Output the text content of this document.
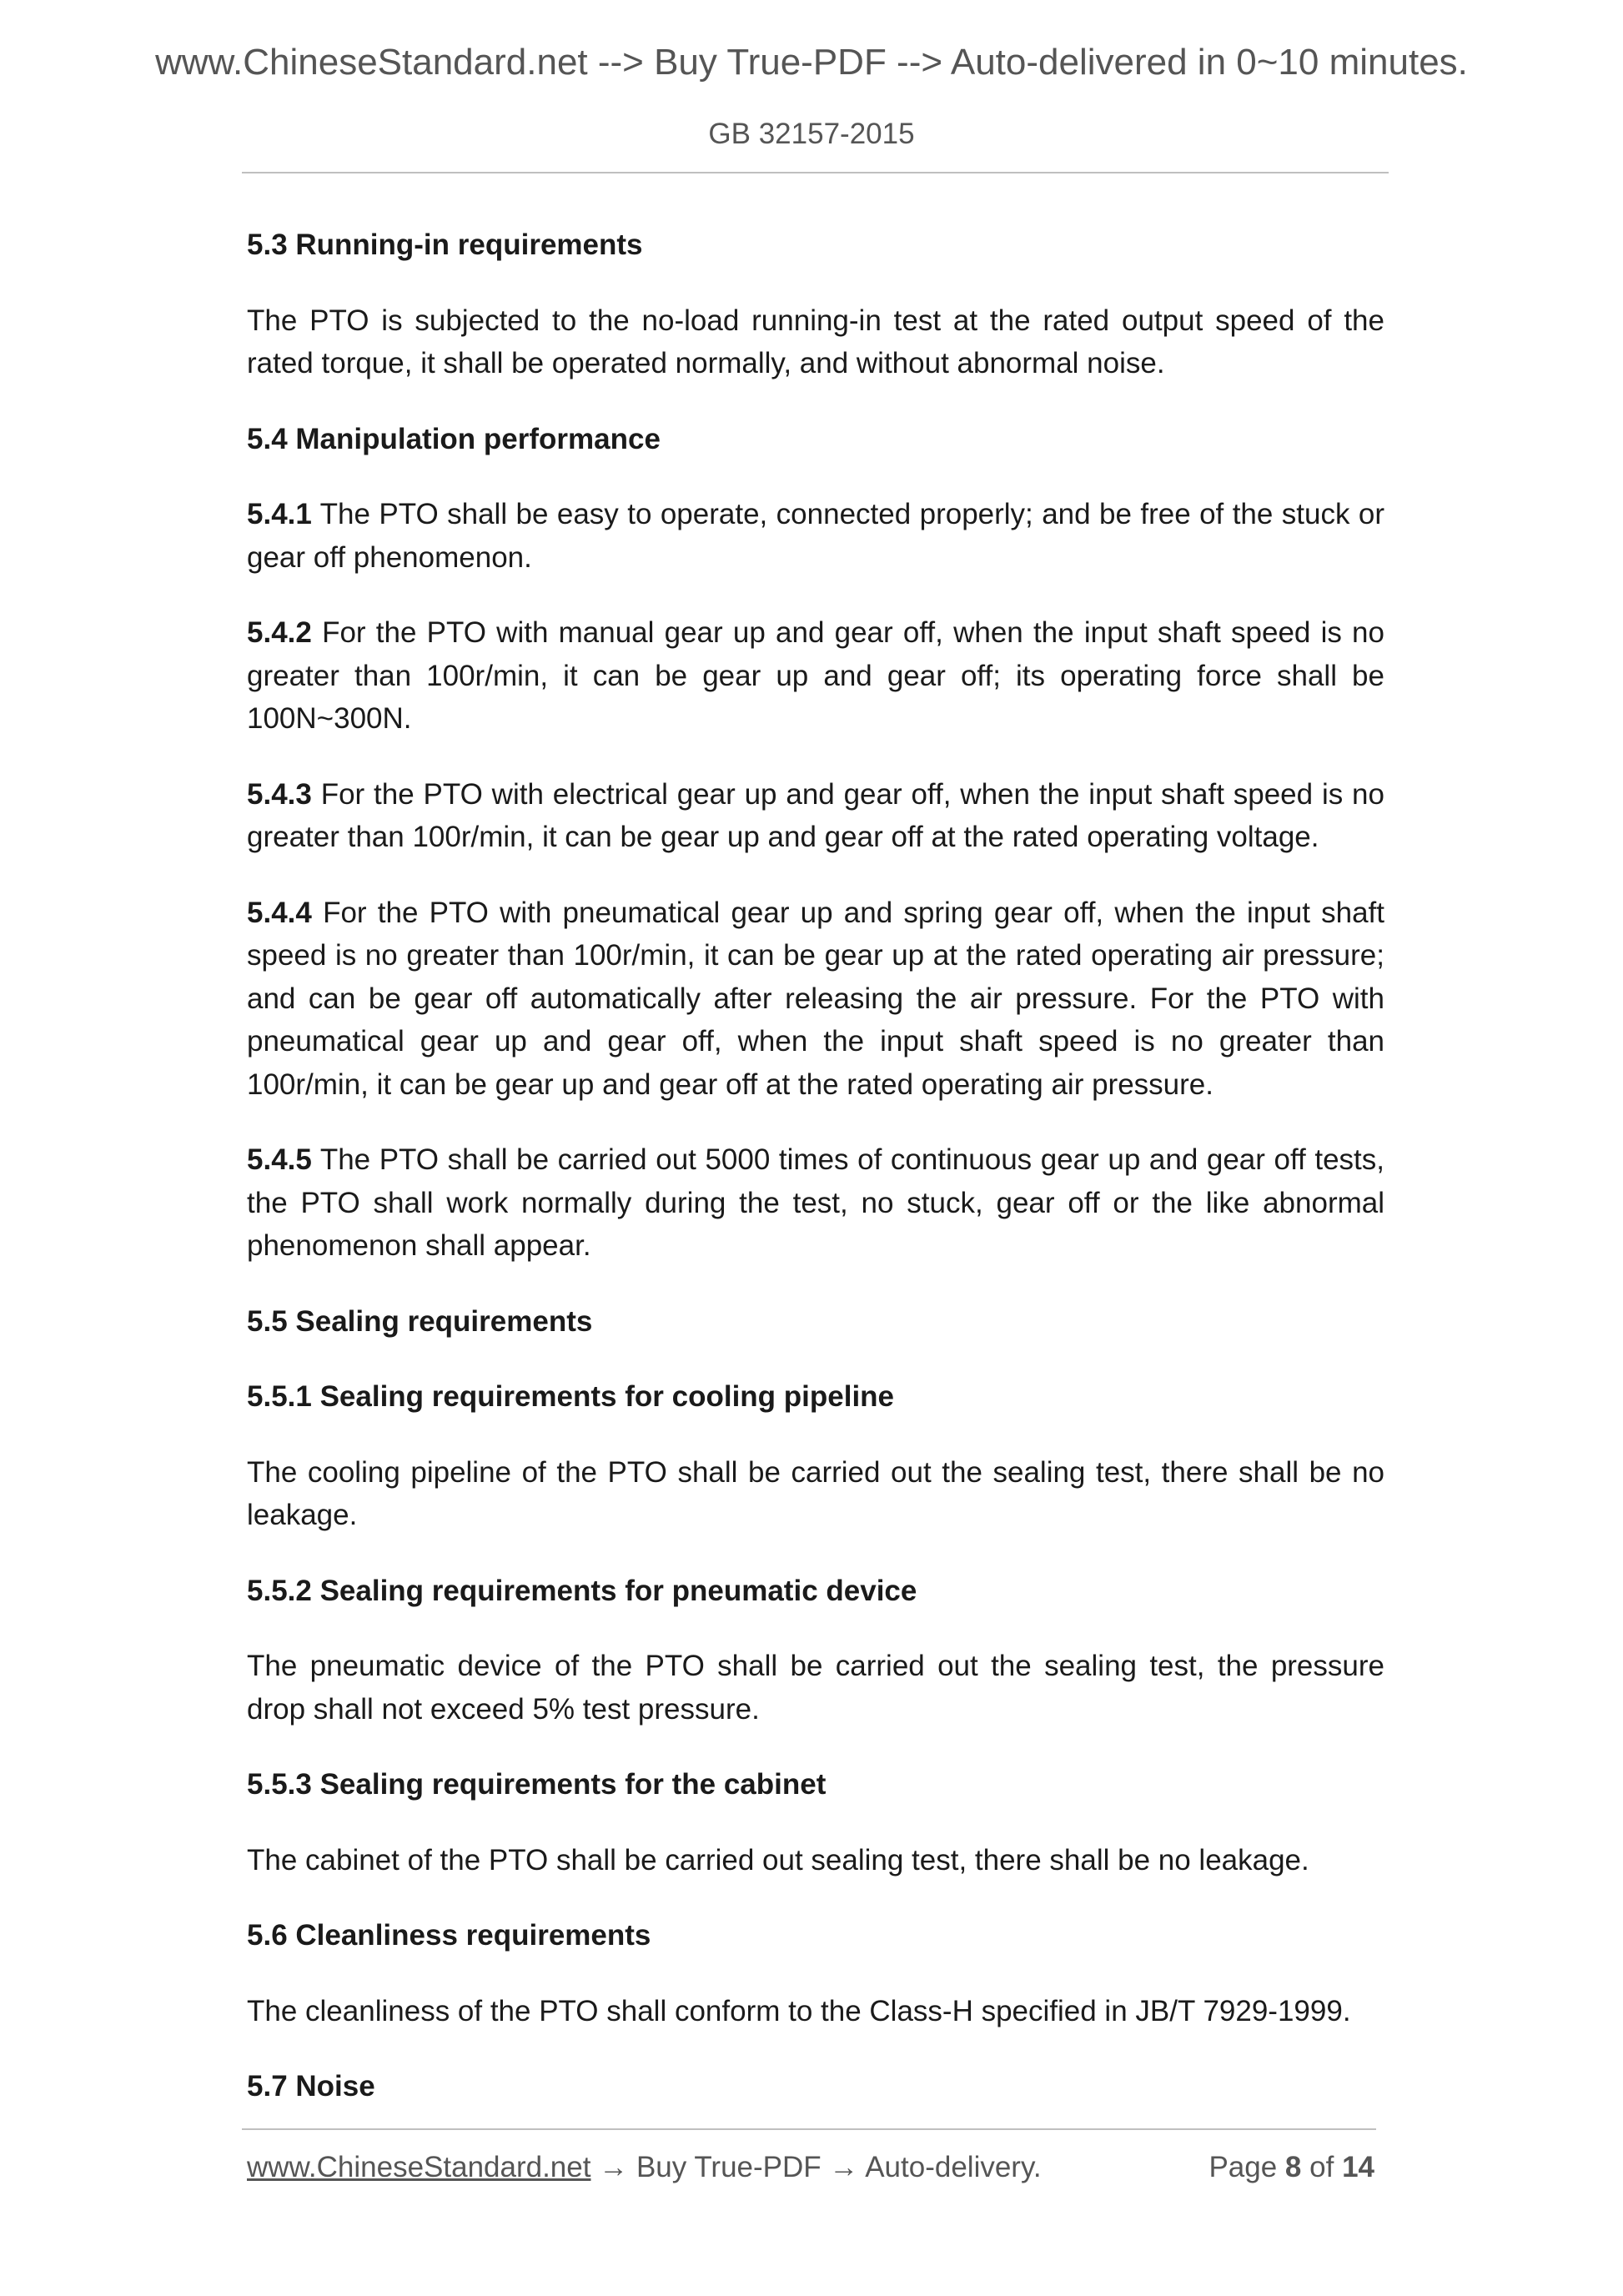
www.ChineseStandard.net --> Buy True-PDF --> Auto-delivered in 0~10 minutes.
GB 32157-2015

5.3 Running-in requirements

The PTO is subjected to the no-load running-in test at the rated output speed of the rated torque, it shall be operated normally, and without abnormal noise.

5.4 Manipulation performance

5.4.1 The PTO shall be easy to operate, connected properly; and be free of the stuck or gear off phenomenon.

5.4.2 For the PTO with manual gear up and gear off, when the input shaft speed is no greater than 100r/min, it can be gear up and gear off; its operating force shall be 100N~300N.

5.4.3 For the PTO with electrical gear up and gear off, when the input shaft speed is no greater than 100r/min, it can be gear up and gear off at the rated operating voltage.

5.4.4 For the PTO with pneumatical gear up and spring gear off, when the input shaft speed is no greater than 100r/min, it can be gear up at the rated operating air pressure; and can be gear off automatically after releasing the air pressure. For the PTO with pneumatical gear up and gear off, when the input shaft speed is no greater than 100r/min, it can be gear up and gear off at the rated operating air pressure.

5.4.5 The PTO shall be carried out 5000 times of continuous gear up and gear off tests, the PTO shall work normally during the test, no stuck, gear off or the like abnormal phenomenon shall appear.

5.5 Sealing requirements

5.5.1 Sealing requirements for cooling pipeline

The cooling pipeline of the PTO shall be carried out the sealing test, there shall be no leakage.

5.5.2 Sealing requirements for pneumatic device

The pneumatic device of the PTO shall be carried out the sealing test, the pressure drop shall not exceed 5% test pressure.

5.5.3 Sealing requirements for the cabinet

The cabinet of the PTO shall be carried out sealing test, there shall be no leakage.

5.6 Cleanliness requirements

The cleanliness of the PTO shall conform to the Class-H specified in JB/T 7929-1999.

5.7 Noise

www.ChineseStandard.net → Buy True-PDF → Auto-delivery.	Page 8 of 14
